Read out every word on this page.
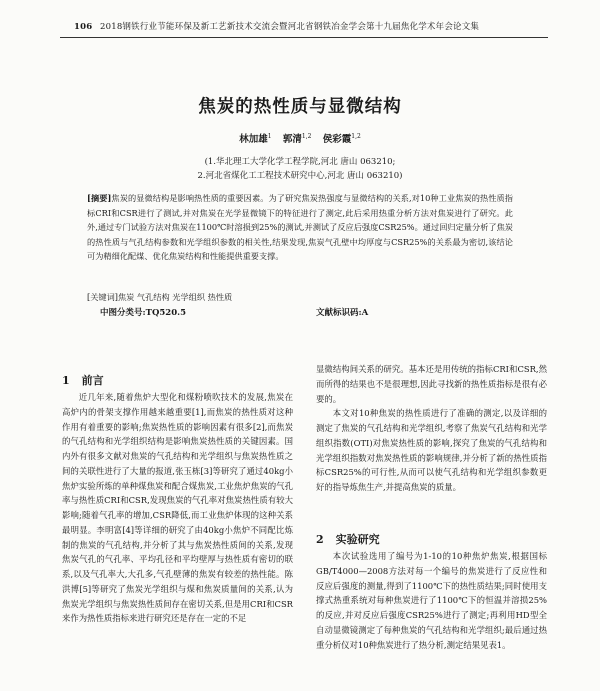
106 2018钢铁行业节能环保及新工艺新技术交流会暨河北省钢铁冶金学会第十九届焦化学术年会论文集
焦炭的热性质与显微结构
林加雄$^1$ 郭清$^{1,2}$ 侯彩霞$^{1,2}$
(1.华北理工大学化学工程学院,河北 唐山 063210;
2.河北省煤化工工程技术研究中心,河北 唐山 063210)
[摘要]焦炭的显微结构是影响热性质的重要因素。为了研究焦炭热强度与显微结构的关系,对10种工业焦炭的热性质指标CRI和CSR进行了测试,并对焦炭在光学显微镜下的特征进行了测定,此后采用热重分析方法对焦炭进行了研究。此外,通过专门试验方法对焦炭在1100℃时溶损到25%的测试,并测试了反应后强度CSR25%。通过回归定量分析了焦炭的热性质与气孔结构参数和光学组织参数的相关性,结果发现,焦炭气孔壁中均厚度与CSR25%的关系最为密切,该结论可为精细化配煤、优化焦炭结构和性能提供重要支撑。
[关键词]焦炭 气孔结构 光学组织 热性质
中图分类号:TQ520.5	文献标识码:A
1 前言

近几年来,随着焦炉大型化和煤粉喷吹技术的发展,焦炭在高炉内的骨架支撑作用越来越重要[1],而焦炭的热性质对这种作用有着重要的影响;焦炭热性质的影响因素有很多[2],而焦炭的气孔结构和光学组织结构是影响焦炭热性质的关键因素。国内外有很多文献对焦炭的气孔结构和光学组织与焦炭热性质之间的关联性进行了大量的报道,张玉栋[3]等研究了通过40kg小焦炉实验所炼的单种煤焦炭和配合煤焦炭,工业焦炉焦炭的气孔率与热性质CRI和CSR,发现焦炭的气孔率对焦炭热性质有较大影响;随着气孔率的增加,CSR降低,而工业焦炉体现的这种关系最明显。李明富[4]等详细的研究了由40kg小焦炉不同配比炼制的焦炭的气孔结构,并分析了其与焦炭热性质间的关系,发现焦炭气孔的气孔率、平均孔径和平均壁厚与热性质有密切的联系,以及气孔率大,大孔多,气孔壁薄的焦炭有较差的热性能。陈洪博[5]等研究了焦炭光学组织与煤和焦炭质量间的关系,认为焦炭光学组织与焦炭热性质间存在密切关系,但是用CRI和CSR来作为热性质指标来进行研究还是存在一定的不足

显微结构间关系的研究。基本还是用传统的指标CRI和CSR,然而所得的结果也不是很理想,因此寻找新的热性质指标是很有必要的。

本文对10种焦炭的热性质进行了准确的测定,以及详细的测定了焦炭的气孔结构和光学组织,考察了焦炭气孔结构和光学组织指数(OTI)对焦炭热性质的影响,探究了焦炭的气孔结构和光学组织指数对焦炭热性质的影响规律,并分析了新的热性质指标CSR25%的可行性,从而可以使气孔结构和光学组织参数更好的指导炼焦生产,并提高焦炭的质量。

2 实验研究

本次试验选用了编号为1-10的10种焦炉焦炭,根据国标GB/T4000—2008方法对每一个编号的焦炭进行了反应性和反应后强度的测量,得到了1100℃下的热性质结果;同时使用支撑式热重系统对每种焦炭进行了1100℃下的恒温并溶损25%的反应,并对反应后强度CSR25%进行了测定;再利用HD型全自动显微镜测定了每种焦炭的气孔结构和光学组织;最后通过热重分析仪对10种焦炭进行了热分析,测定结果见表1。
